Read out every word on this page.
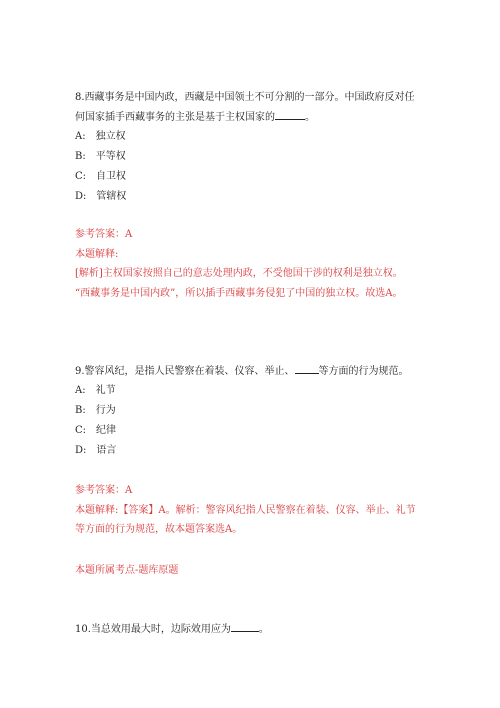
8.西藏事务是中国内政，西藏是中国领土不可分割的一部分。中国政府反对任
何国家插手西藏事务的主张是基于主权国家的	。
A:　独立权
B:　平等权
C:　自卫权
D:　管辖权
参考答案：A
本题解释:
[解析]主权国家按照自己的意志处理内政，不受他国干涉的权利是独立权。
“西藏事务是中国内政”，所以插手西藏事务侵犯了中国的独立权。故选A。
9.警容风纪，是指人民警察在着装、仪容、举止、 等方面的行为规范。
A:　礼节
B:　行为
C:　纪律
D:　语言
参考答案：A
本题解释:【答案】A。解析：警容风纪指人民警察在着装、仪容、举止、礼节
等方面的行为规范，故本题答案选A。
本题所属考点-题库原题
10.当总效用最大时，边际效用应为	。
